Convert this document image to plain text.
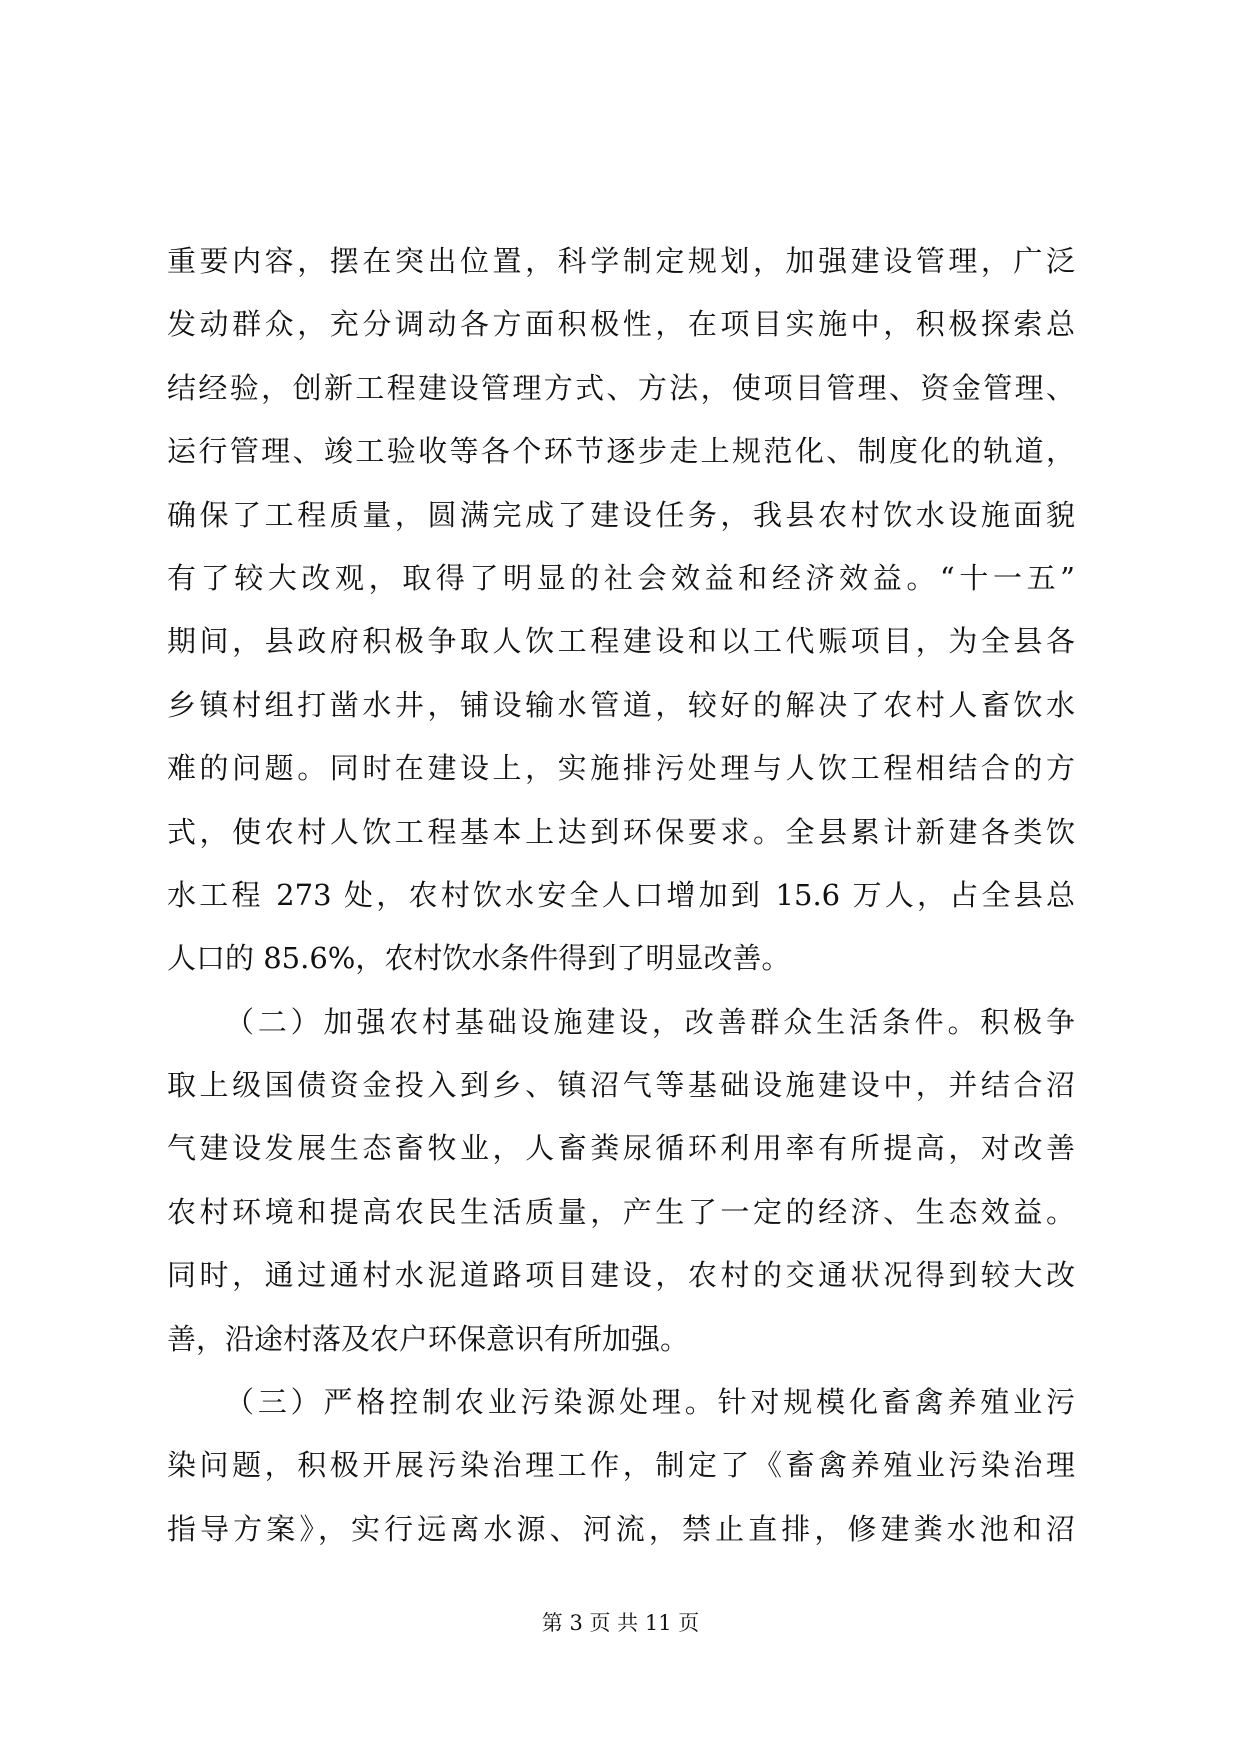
重要内容，摆在突出位置，科学制定规划，加强建设管理，广泛
发动群众，充分调动各方面积极性，在项目实施中，积极探索总
结经验，创新工程建设管理方式、方法，使项目管理、资金管理、
运行管理、竣工验收等各个环节逐步走上规范化、制度化的轨道，
确保了工程质量，圆满完成了建设任务，我县农村饮水设施面貌
有了较大改观，取得了明显的社会效益和经济效益。“十一五”
期间，县政府积极争取人饮工程建设和以工代赈项目，为全县各
乡镇村组打凿水井，铺设输水管道，较好的解决了农村人畜饮水
难的问题。同时在建设上，实施排污处理与人饮工程相结合的方
式，使农村人饮工程基本上达到环保要求。全县累计新建各类饮
水工程 273 处，农村饮水安全人口增加到 15.6 万人，占全县总
人口的 85.6%，农村饮水条件得到了明显改善。
（二）加强农村基础设施建设，改善群众生活条件。积极争
取上级国债资金投入到乡、镇沼气等基础设施建设中，并结合沼
气建设发展生态畜牧业，人畜粪尿循环利用率有所提高，对改善
农村环境和提高农民生活质量，产生了一定的经济、生态效益。
同时，通过通村水泥道路项目建设，农村的交通状况得到较大改
善，沿途村落及农户环保意识有所加强。
（三）严格控制农业污染源处理。针对规模化畜禽养殖业污
染问题，积极开展污染治理工作，制定了《畜禽养殖业污染治理
指导方案》，实行远离水源、河流，禁止直排，修建粪水池和沼
第 3 页 共 11 页
